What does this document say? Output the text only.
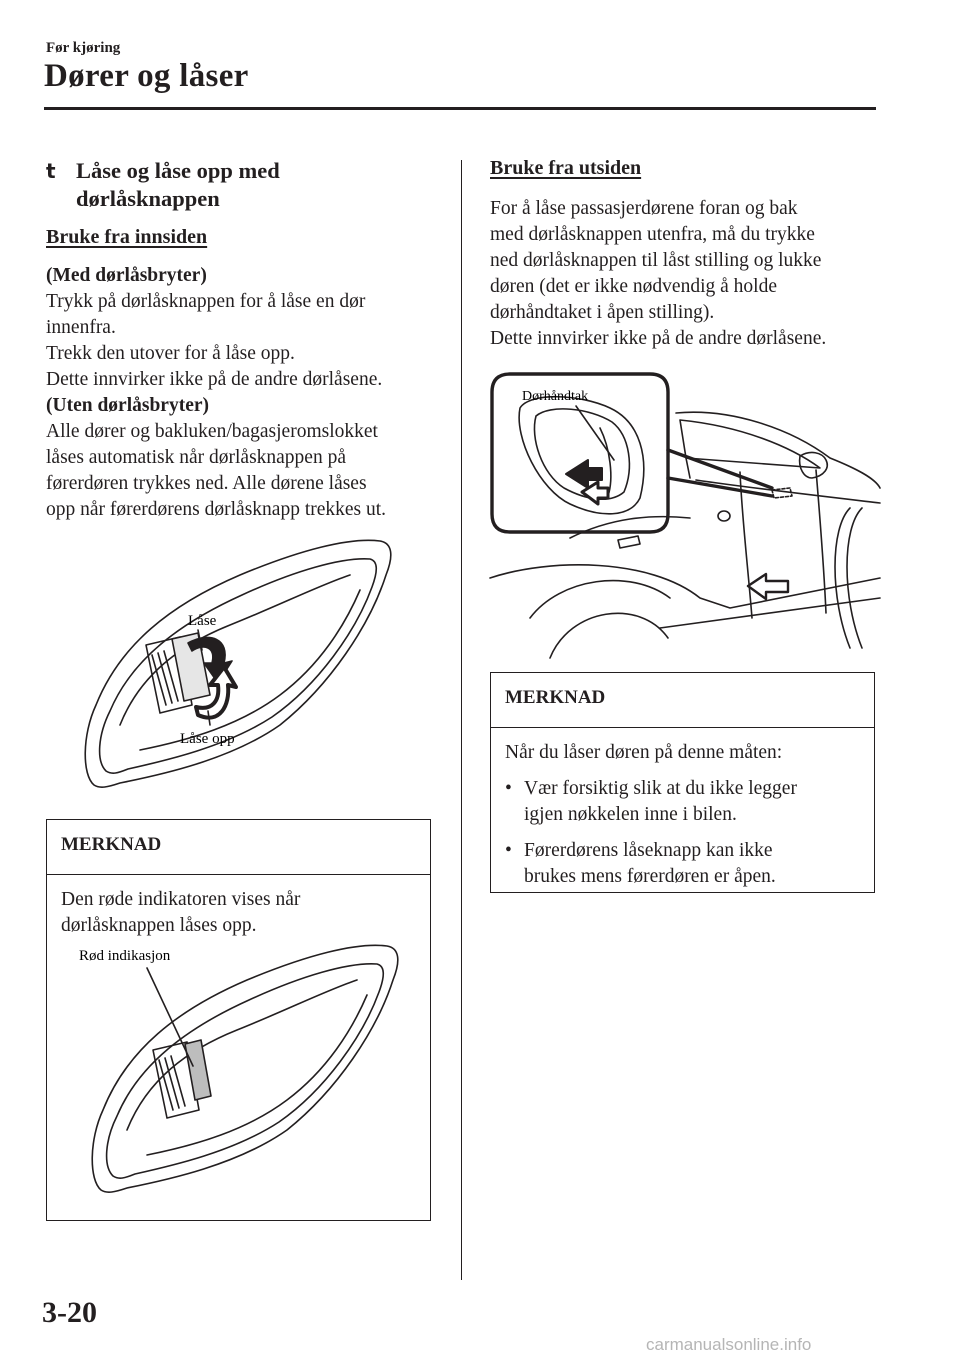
Før kjøring
Dører og låser
t Låse og låse opp med
dørlåsknappen
Bruke fra innsiden

(Med dørlåsbryter)

Trykk på dørlåsknappen for å låse en dør

innenfra.

Trekk den utover for å låse opp.

Dette innvirker ikke på de andre dørlåsene.

(Uten dørlåsbryter)

Alle dører og bakluken/bagasjeromslokket

låses automatisk når dørlåsknappen på

førerdøren trykkes ned. Alle dørene låses

opp når førerdørens dørlåsknapp trekkes ut.

Låse
Låse opp
MERKNAD

Den røde indikatoren vises når

dørlåsknappen låses opp.

Rød indikasjon
Bruke fra utsiden

For å låse passasjerdørene foran og bak

med dørlåsknappen utenfra, må du trykke

ned dørlåsknappen til låst stilling og lukke

døren (det er ikke nødvendig å holde

dørhåndtaket i åpen stilling).

Dette innvirker ikke på de andre dørlåsene.

Dørhåndtak
MERKNAD

Når du låser døren på denne måten:

• Vær forsiktig slik at du ikke legger
igjen nøkkelen inne i bilen.
• Førerdørens låseknapp kan ikke
brukes mens førerdøren er åpen.
3-20
carmanualsonline.info
